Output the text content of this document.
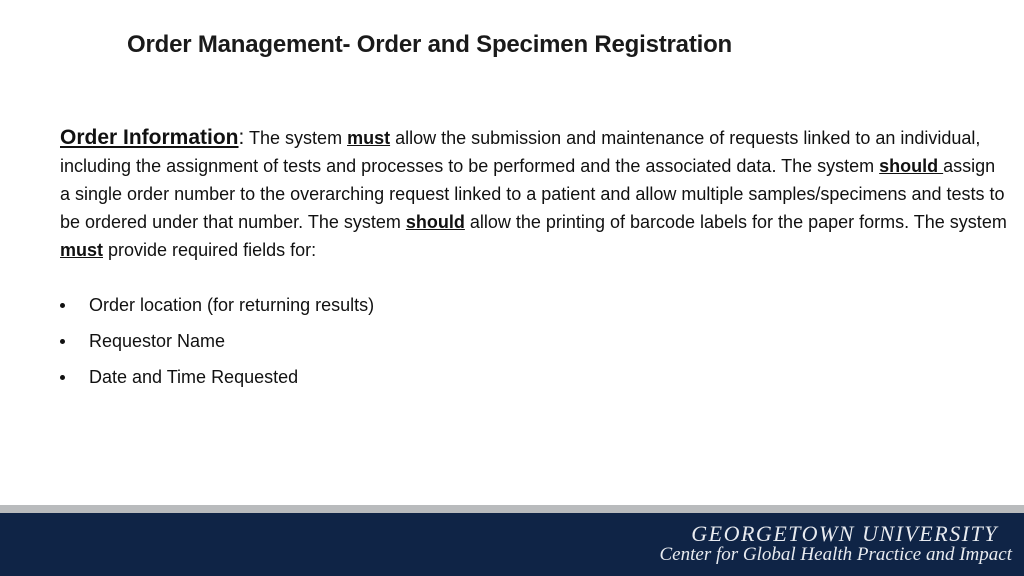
Order Management- Order and Specimen Registration
Order Information: The system must allow the submission and maintenance of requests linked to an individual, including the assignment of tests and processes to be performed and the associated data. The system should assign a single order number to the overarching request linked to a patient and allow multiple samples/specimens and tests to be ordered under that number. The system should allow the printing of barcode labels for the paper forms. The system must provide required fields for:
Order location (for returning results)
Requestor Name
Date and Time Requested
GEORGETOWN UNIVERSITY
Center for Global Health Practice and Impact
